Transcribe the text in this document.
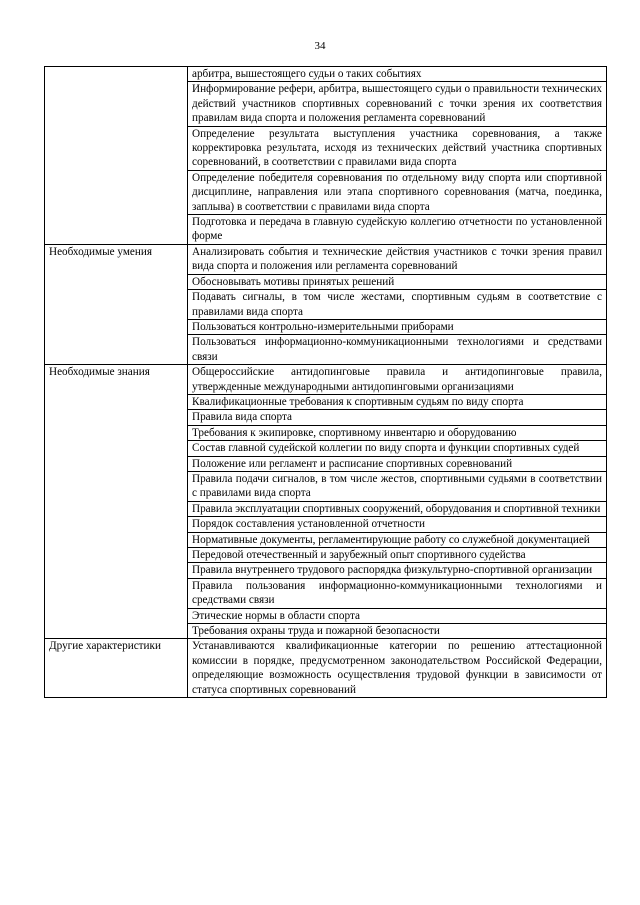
34
	арбитра, вышестоящего судьи о таких событиях
	Информирование рефери, арбитра, вышестоящего судьи о правильности технических действий участников спортивных соревнований с точки зрения их соответствия правилам вида спорта и положения регламента соревнований
	Определение результата выступления участника соревнования, а также корректировка результата, исходя из технических действий участника спортивных соревнований, в соответствии с правилами вида спорта
	Определение победителя соревнования по отдельному виду спорта или спортивной дисциплине, направления или этапа спортивного соревнования (матча, поединка, заплыва) в соответствии с правилами вида спорта
	Подготовка и передача в главную судейскую коллегию отчетности по установленной форме
Необходимые умения	Анализировать события и технические действия участников с точки зрения правил вида спорта и положения или регламента соревнований
	Обосновывать мотивы принятых решений
	Подавать сигналы, в том числе жестами, спортивным судьям в соответствие с правилами вида спорта
	Пользоваться контрольно-измерительными приборами
	Пользоваться информационно-коммуникационными технологиями и средствами связи
Необходимые знания	Общероссийские антидопинговые правила и антидопинговые правила, утвержденные международными антидопинговыми организациями
	Квалификационные требования к спортивным судьям по виду спорта
	Правила вида спорта
	Требования к экипировке, спортивному инвентарю и оборудованию
	Состав главной судейской коллегии по виду спорта и функции спортивных судей
	Положение или регламент и расписание спортивных соревнований
	Правила подачи сигналов, в том числе жестов, спортивными судьями в соответствии с правилами вида спорта
	Правила эксплуатации спортивных сооружений, оборудования и спортивной техники
	Порядок составления установленной отчетности
	Нормативные документы, регламентирующие работу со служебной документацией
	Передовой отечественный и зарубежный опыт спортивного судейства
	Правила внутреннего трудового распорядка физкультурно-спортивной организации
	Правила пользования информационно-коммуникационными технологиями и средствами связи
	Этические нормы в области спорта
	Требования охраны труда и пожарной безопасности
Другие характеристики	Устанавливаются квалификационные категории по решению аттестационной комиссии в порядке, предусмотренном законодательством Российской Федерации, определяющие возможность осуществления трудовой функции в зависимости от статуса спортивных соревнований
